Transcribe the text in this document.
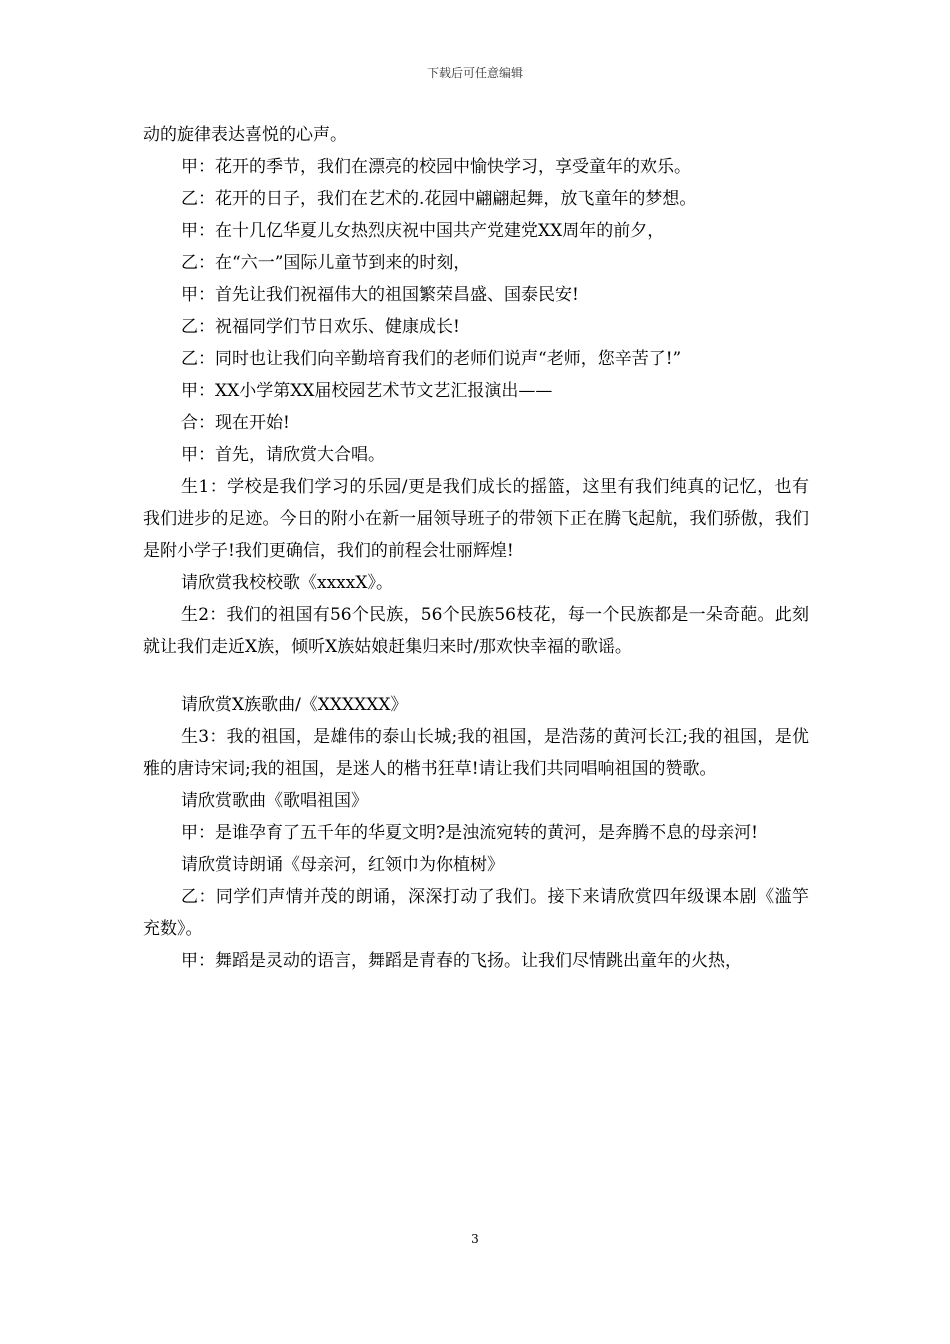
下载后可任意编辑

动的旋律表达喜悦的心声。

甲：花开的季节，我们在漂亮的校园中愉快学习，享受童年的欢乐。

乙：花开的日子，我们在艺术的.花园中翩翩起舞，放飞童年的梦想。

甲：在十几亿华夏儿女热烈庆祝中国共产党建党XX周年的前夕，

乙：在“六一”国际儿童节到来的时刻，

甲：首先让我们祝福伟大的祖国繁荣昌盛、国泰民安!

乙：祝福同学们节日欢乐、健康成长!

乙：同时也让我们向辛勤培育我们的老师们说声“老师，您辛苦了!”

甲：XX小学第XX届校园艺术节文艺汇报演出——

合：现在开始!

甲：首先，请欣赏大合唱。

生1：学校是我们学习的乐园/更是我们成长的摇篮，这里有我们纯真的记忆，也有我们进步的足迹。今日的附小在新一届领导班子的带领下正在腾飞起航，我们骄傲，我们是附小学子!我们更确信，我们的前程会壮丽辉煌!

请欣赏我校校歌《xxxxX》。

生2：我们的祖国有56个民族，56个民族56枝花，每一个民族都是一朵奇葩。此刻就让我们走近X族，倾听X族姑娘赶集归来时/那欢快幸福的歌谣。

请欣赏X族歌曲/《XXXXXX》

生3：我的祖国，是雄伟的泰山长城;我的祖国，是浩荡的黄河长江;我的祖国，是优雅的唐诗宋词;我的祖国，是迷人的楷书狂草!请让我们共同唱响祖国的赞歌。

请欣赏歌曲《歌唱祖国》

甲：是谁孕育了五千年的华夏文明?是浊流宛转的黄河，是奔腾不息的母亲河!

请欣赏诗朗诵《母亲河，红领巾为你植树》

乙：同学们声情并茂的朗诵，深深打动了我们。接下来请欣赏四年级课本剧《滥竽充数》。

甲：舞蹈是灵动的语言，舞蹈是青春的飞扬。让我们尽情跳出童年的火热，

3
